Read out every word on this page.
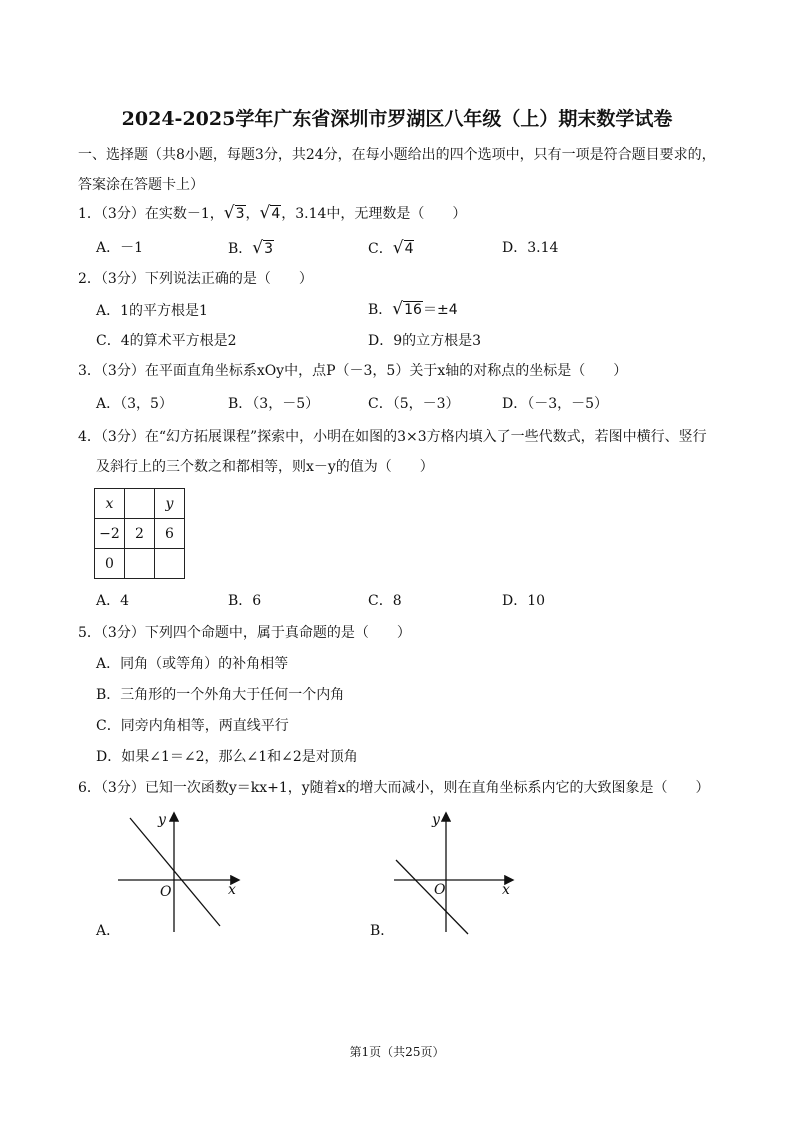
2024-2025学年广东省深圳市罗湖区八年级（上）期末数学试卷
一、选择题（共8小题，每题3分，共24分，在每小题给出的四个选项中，只有一项是符合题目要求的，
答案涂在答题卡上）
1．（3分）在实数－1，√3，√4，3.14中，无理数是（　　）
A．－1	B．√3	C．√4	D．3.14
2．（3分）下列说法正确的是（　　）
A．1的平方根是1	B．√16＝±4
C．4的算术平方根是2	D．9的立方根是3
3．（3分）在平面直角坐标系xOy中，点P（－3，5）关于x轴的对称点的坐标是（　　）
A．（3，5）	B．（3，－5）	C．（5，－3）	D．（－3，－5）
4．（3分）在“幻方拓展课程”探索中，小明在如图的3×3方格内填入了一些代数式，若图中横行、竖行
及斜行上的三个数之和都相等，则x－y的值为（　　）
x		y
−2	2	6
0		
A．4	B．6	C．8	D．10
5．（3分）下列四个命题中，属于真命题的是（　　）
A．同角（或等角）的补角相等
B．三角形的一个外角大于任何一个内角
C．同旁内角相等，两直线平行
D．如果∠1＝∠2，那么∠1和∠2是对顶角
6．（3分）已知一次函数y＝kx+1，y随着x的增大而减小，则在直角坐标系内它的大致图象是（　　）
y
x
O
A．
y
x
O
B．
第1页（共25页）
